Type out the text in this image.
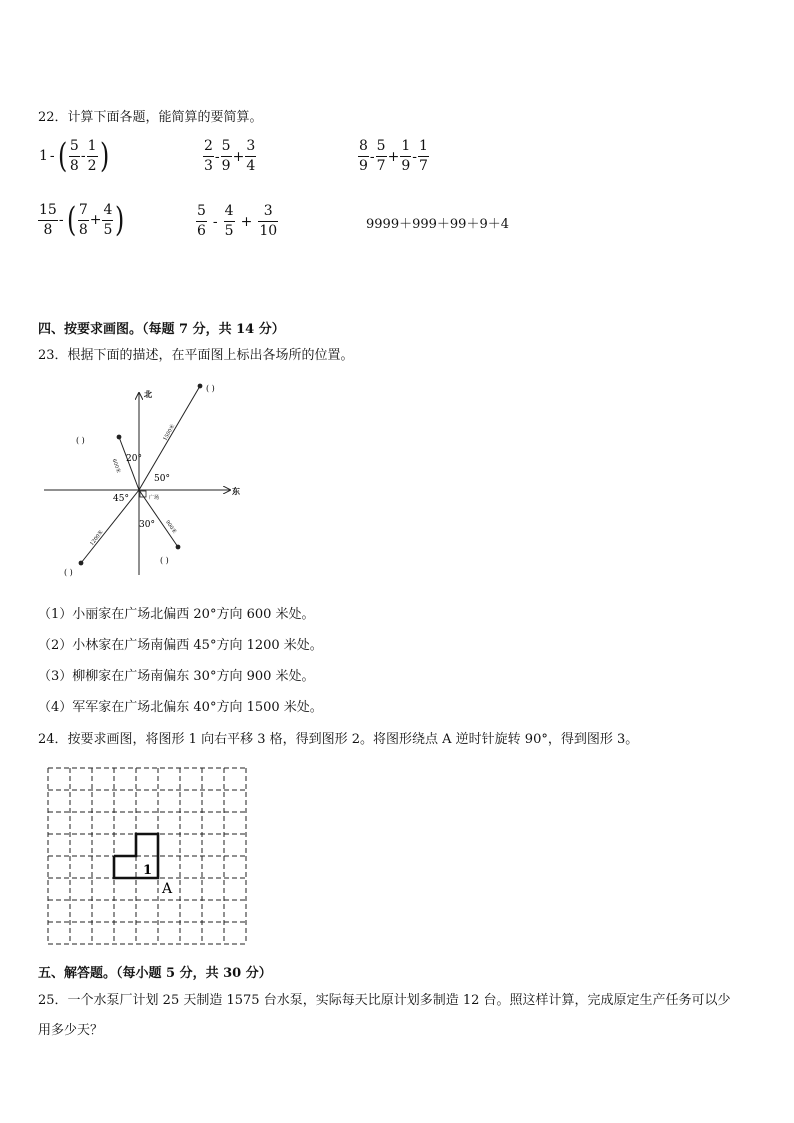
22．计算下面各题，能简算的要简算。
1 - ( $\frac{5}{8} - \frac{1}{2}$ )	$\frac{2}{3} - \frac{5}{9} + \frac{3}{4}$	$\frac{8}{9} - \frac{5}{7} + \frac{1}{9} - \frac{1}{7}$
$\frac{15}{8}$ - ( $\frac{7}{8} + \frac{4}{5}$ )	$\frac{5}{6} - \frac{4}{5} + \frac{3}{10}$	9999＋999＋99＋9＋4
四、按要求画图。（每题 7 分，共 14 分）
23．根据下面的描述，在平面图上标出各场所的位置。
北
东
600米
1500米
1200米
900米
广场
20°
50°
45°
30°
( )
( )
( )
( )
（1）小丽家在广场北偏西 20°方向 600 米处。
（2）小林家在广场南偏西 45°方向 1200 米处。
（3）柳柳家在广场南偏东 30°方向 900 米处。
（4）军军家在广场北偏东 40°方向 1500 米处。
24．按要求画图，将图形 1 向右平移 3 格，得到图形 2。将图形绕点 A 逆时针旋转 90°，得到图形 3。
1
A
五、解答题。（每小题 5 分，共 30 分）
25．一个水泵厂计划 25 天制造 1575 台水泵，实际每天比原计划多制造 12 台。照这样计算，完成原定生产任务可以少
用多少天？
